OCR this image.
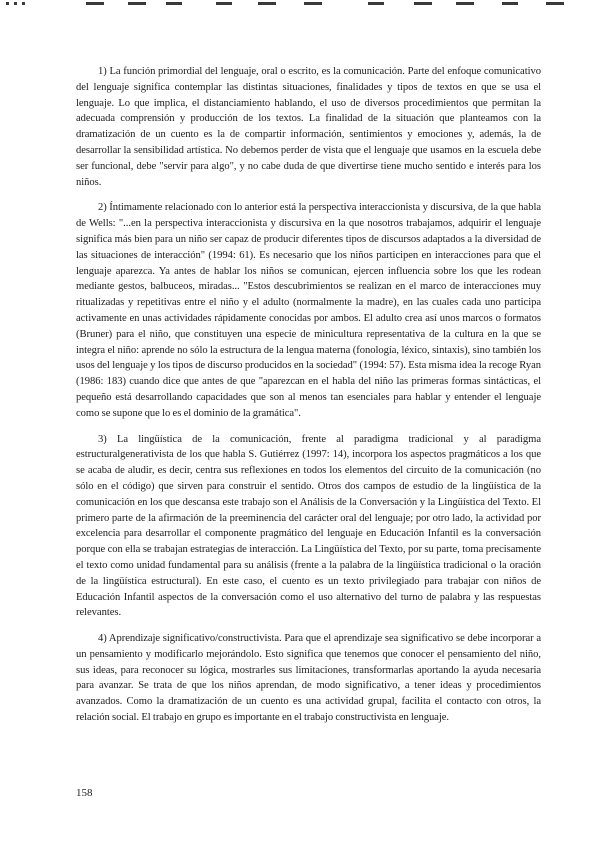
1) La función primordial del lenguaje, oral o escrito, es la comunicación. Parte del enfoque comunicativo del lenguaje significa contemplar las distintas situaciones, finalidades y tipos de textos en que se usa el lenguaje. Lo que implica, el distanciamiento hablando, el uso de diversos procedimientos que permitan la adecuada comprensión y producción de los textos. La finalidad de la situación que planteamos con la dramatización de un cuento es la de compartir información, sentimientos y emociones y, además, la de desarrollar la sensibilidad artística. No debemos perder de vista que el lenguaje que usamos en la escuela debe ser funcional, debe "servir para algo", y no cabe duda de que divertirse tiene mucho sentido e interés para los niños.

2) Íntimamente relacionado con lo anterior está la perspectiva interaccionista y discursiva, de la que habla de Wells: "...en la perspectiva interaccionista y discursiva en la que nosotros trabajamos, adquirir el lenguaje significa más bien para un niño ser capaz de producir diferentes tipos de discursos adaptados a la diversidad de las situaciones de interacción" (1994: 61). Es necesario que los niños participen en interacciones para que el lenguaje aparezca. Ya antes de hablar los niños se comunican, ejercen influencia sobre los que les rodean mediante gestos, balbuceos, miradas... "Estos descubrimientos se realizan en el marco de interacciones muy ritualizadas y repetitivas entre el niño y el adulto (normalmente la madre), en las cuales cada uno participa activamente en unas actividades rápidamente conocidas por ambos. El adulto crea así unos marcos o formatos (Bruner) para el niño, que constituyen una especie de minicultura representativa de la cultura en la que se integra el niño: aprende no sólo la estructura de la lengua materna (fonología, léxico, sintaxis), sino también los usos del lenguaje y los tipos de discurso producidos en la sociedad" (1994: 57). Esta misma idea la recoge Ryan (1986: 183) cuando dice que antes de que "aparezcan en el habla del niño las primeras formas sintácticas, el pequeño está desarrollando capacidades que son al menos tan esenciales para hablar y entender el lenguaje como se supone que lo es el dominio de la gramática".

3) La lingüística de la comunicación, frente al paradigma tradicional y al paradigma estructuralgenerativista de los que habla S. Gutiérrez (1997: 14), incorpora los aspectos pragmáticos a los que se acaba de aludir, es decir, centra sus reflexiones en todos los elementos del circuito de la comunicación (no sólo en el código) que sirven para construir el sentido. Otros dos campos de estudio de la lingüística de la comunicación en los que descansa este trabajo son el Análisis de la Conversación y la Lingüística del Texto. El primero parte de la afirmación de la preeminencia del carácter oral del lenguaje; por otro lado, la actividad por excelencia para desarrollar el componente pragmático del lenguaje en Educación Infantil es la conversación porque con ella se trabajan estrategias de interacción. La Lingüística del Texto, por su parte, toma precisamente el texto como unidad fundamental para su análisis (frente a la palabra de la lingüística tradicional o la oración de la lingüística estructural). En este caso, el cuento es un texto privilegiado para trabajar con niños de Educación Infantil aspectos de la conversación como el uso alternativo del turno de palabra y las respuestas relevantes.

4) Aprendizaje significativo/constructivista. Para que el aprendizaje sea significativo se debe incorporar a un pensamiento y modificarlo mejorándolo. Esto significa que tenemos que conocer el pensamiento del niño, sus ideas, para reconocer su lógica, mostrarles sus limitaciones, transformarlas aportando la ayuda necesaria para avanzar. Se trata de que los niños aprendan, de modo significativo, a tener ideas y procedimientos avanzados. Como la dramatización de un cuento es una actividad grupal, facilita el contacto con otros, la relación social. El trabajo en grupo es importante en el trabajo constructivista en lenguaje.

158
